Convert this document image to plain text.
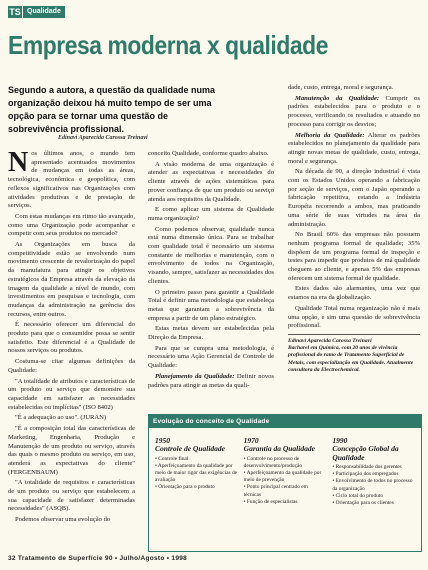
TS Qualidade
Empresa moderna x qualidade

Segundo a autora, a questão da qualidade numa organização deixou há muito tempo de ser uma opção para se tornar uma questão de sobrevivência profissional.

Edinavi Aparecida Carossa Treinavi

Nos últimos anos, o mundo tem apresentado acentuados movimentos de mudanças em todas as áreas, tecnológica, econômica e geopolítica, com reflexos significativos nas Organizações com atividades produtivas e de prestação de serviços.

Com estas mudanças em ritmo tão avançado, como uma Organização pode acompanhar e competir com seus produtos no mercado?

As Organizações em busca da competitividade estão se envolvendo num movimento crescente de revalorização do papel da manufatura para atingir os objetivos estratégicos da Empresa através da elevação da imagem da qualidade a nível de mundo, com investimentos em pesquisas e tecnologia, com mudanças da administração na gerência dos recursos, entre outros.

É necessário oferecer um diferencial do produto para que o consumidor possa se sentir satisfeito. Este diferencial é a Qualidade de nossos serviços ou produtos.

Costuma-se citar algumas definições da Qualidade:

"A totalidade de atributos e características de um produto ou serviço que demonstre sua capacidade em satisfazer as necessidades estabelecidas ou implícitas" (ISO 8402)

"É a adequação ao uso". (JURAN)

"É a composição total das características de Marketing, Engenharia, Produção e Manutenção de um produto ou serviço, através das quais o mesmo produto ou serviço, em uso, atenderá as expectativas do cliente" (FERGENBAUM)

"A totalidade de requisitos e características de um produto ou serviço que estabelecem a sua capacidade de satisfazer determinadas necessidades" (ASQB).

Podemos observar uma evolução do

conceito Qualidade, conforme quadro abaixo.

A visão moderna de uma organização é atender as expectativas e necessidades do cliente através de ações sistemáticas para prover confiança de que um produto ou serviço atenda aos requisitos da Qualidade.

E como aplicar um sistema de Qualidade numa organização?

Como podemos observar, qualidade nunca está numa dimensão única. Para se trabalhar com qualidade total é necessário um sistema constante de melhorias e manutenção, com o envolvimento de todos na Organização, visando, sempre, satisfazer as necessidades dos clientes.

O primeiro passo para garantir a Qualidade Total é definir uma metodologia que estabeleça metas que garantam a sobrevivência da empresa a partir de um plano estratégico.

Estas metas devem ser estabelecidas pela Direção da Empresa.

Para que se cumpra uma metodologia, é necessário uma Ação Gerencial de Controle de Qualidade:

Planejamento da Qualidade: Definir novos padrões para atingir as metas da quali-

dade, custo, entrega, moral e segurança.

Manutenção da Qualidade: Cumprir os padrões estabelecidos para o produto e o processo, verificando os resultados e atuando no processo para corrigir os desvios;

Melhoria da Qualidade: Alterar os padrões estabelecidos no planejamento da qualidade para atingir novas metas de qualidade, custo, entrega, moral e segurança.

Na década de 90, a direção industrial é vista com os Estados Unidos operando a fabricação por seção de serviços, com o Japão operando a fabricação repetitiva, estando a indústria Européia recorrendo a ambos, mas praticando uma série de suas virtudes na área da administração.

No Brasil 60% das empresas não possuem nenhum programa formal de qualidade; 35% dispõem de um programa formal de inspeção e testes para impedir que produtos de má qualidade cheguem ao cliente, e apenas 5% das empresas oferecem um sistema formal de qualidade.

Estes dados são alarmantes, uma vez que estamos na era da globalização.

Qualidade Total numa organização não é mais uma opção, e sim uma questão de sobrevivência profissional.

Edinavi Aparecida Carossa Treinavi
Bacharel em Química, com 20 anos de vivência profissional do ramo de Tratamento Superficial de Metais, com especialização em Qualidade. Atualmente consultora da Electrochemical.
Evolução do conceito de Qualidade
1950
Controle de Qualidade

• Controle final

• Aperfeiçoamento da qualidade por meio de maior rigor das exigências de avaliação

• Orientação para o produto

1970
Garantia da Qualidade

• Controle no processo de desenvolvimento/produção

• Aperfeiçoamento da qualidade por meio de prevenção

• Ponto principal centrado em técnicas

• Função de especialistas

1990
Concepção Global da Qualidade

• Responsabilidade dos gerentes

• Participação dos empregados

• Envolvimento de todos no processo da organização

• Ciclo total do produto

• Orientação para os clientes

32 Tratamento de Superfície 90 • Julho/Agosto • 1998
